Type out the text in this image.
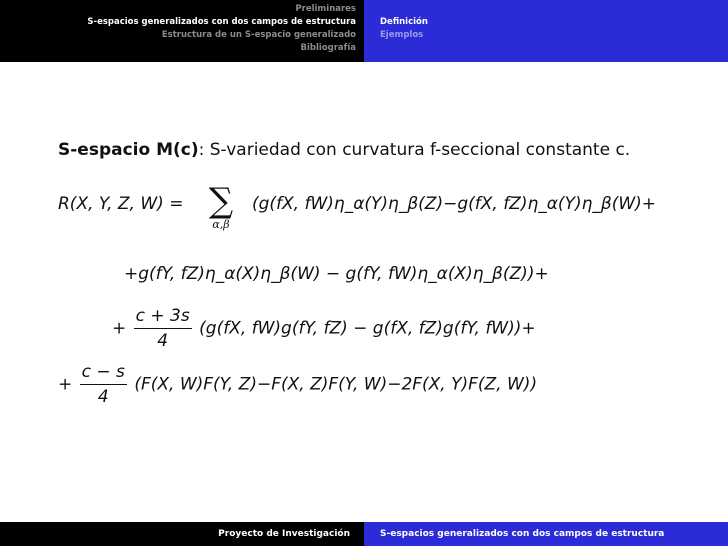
Preliminares
S-espacios generalizados con dos campos de estructura
Estructura de un S-espacio generalizado
Bibliografía
Definición
Ejemplos
S-espacio M(c): S-variedad con curvatura f-seccional constante c.
R(X, Y, Z, W) = ∑
α,β
(g(fX, fW)η_α(Y)η_β(Z)−g(fX, fZ)η_α(Y)η_β(W)+
+g(fY, fZ)η_α(X)η_β(W) − g(fY, fW)η_α(X)η_β(Z))+
+ $\frac{c + 3s}{4} (g(fX$, fW)g(fY, fZ) − g(fX, fZ)g(fY, fW))+
+ $\frac{c - s}{4} (F(X$, W)F(Y, Z)−F(X, Z)F(Y, W)−2F(X, Y)F(Z, W))
Proyecto de Investigación	S-espacios generalizados con dos campos de estructura
